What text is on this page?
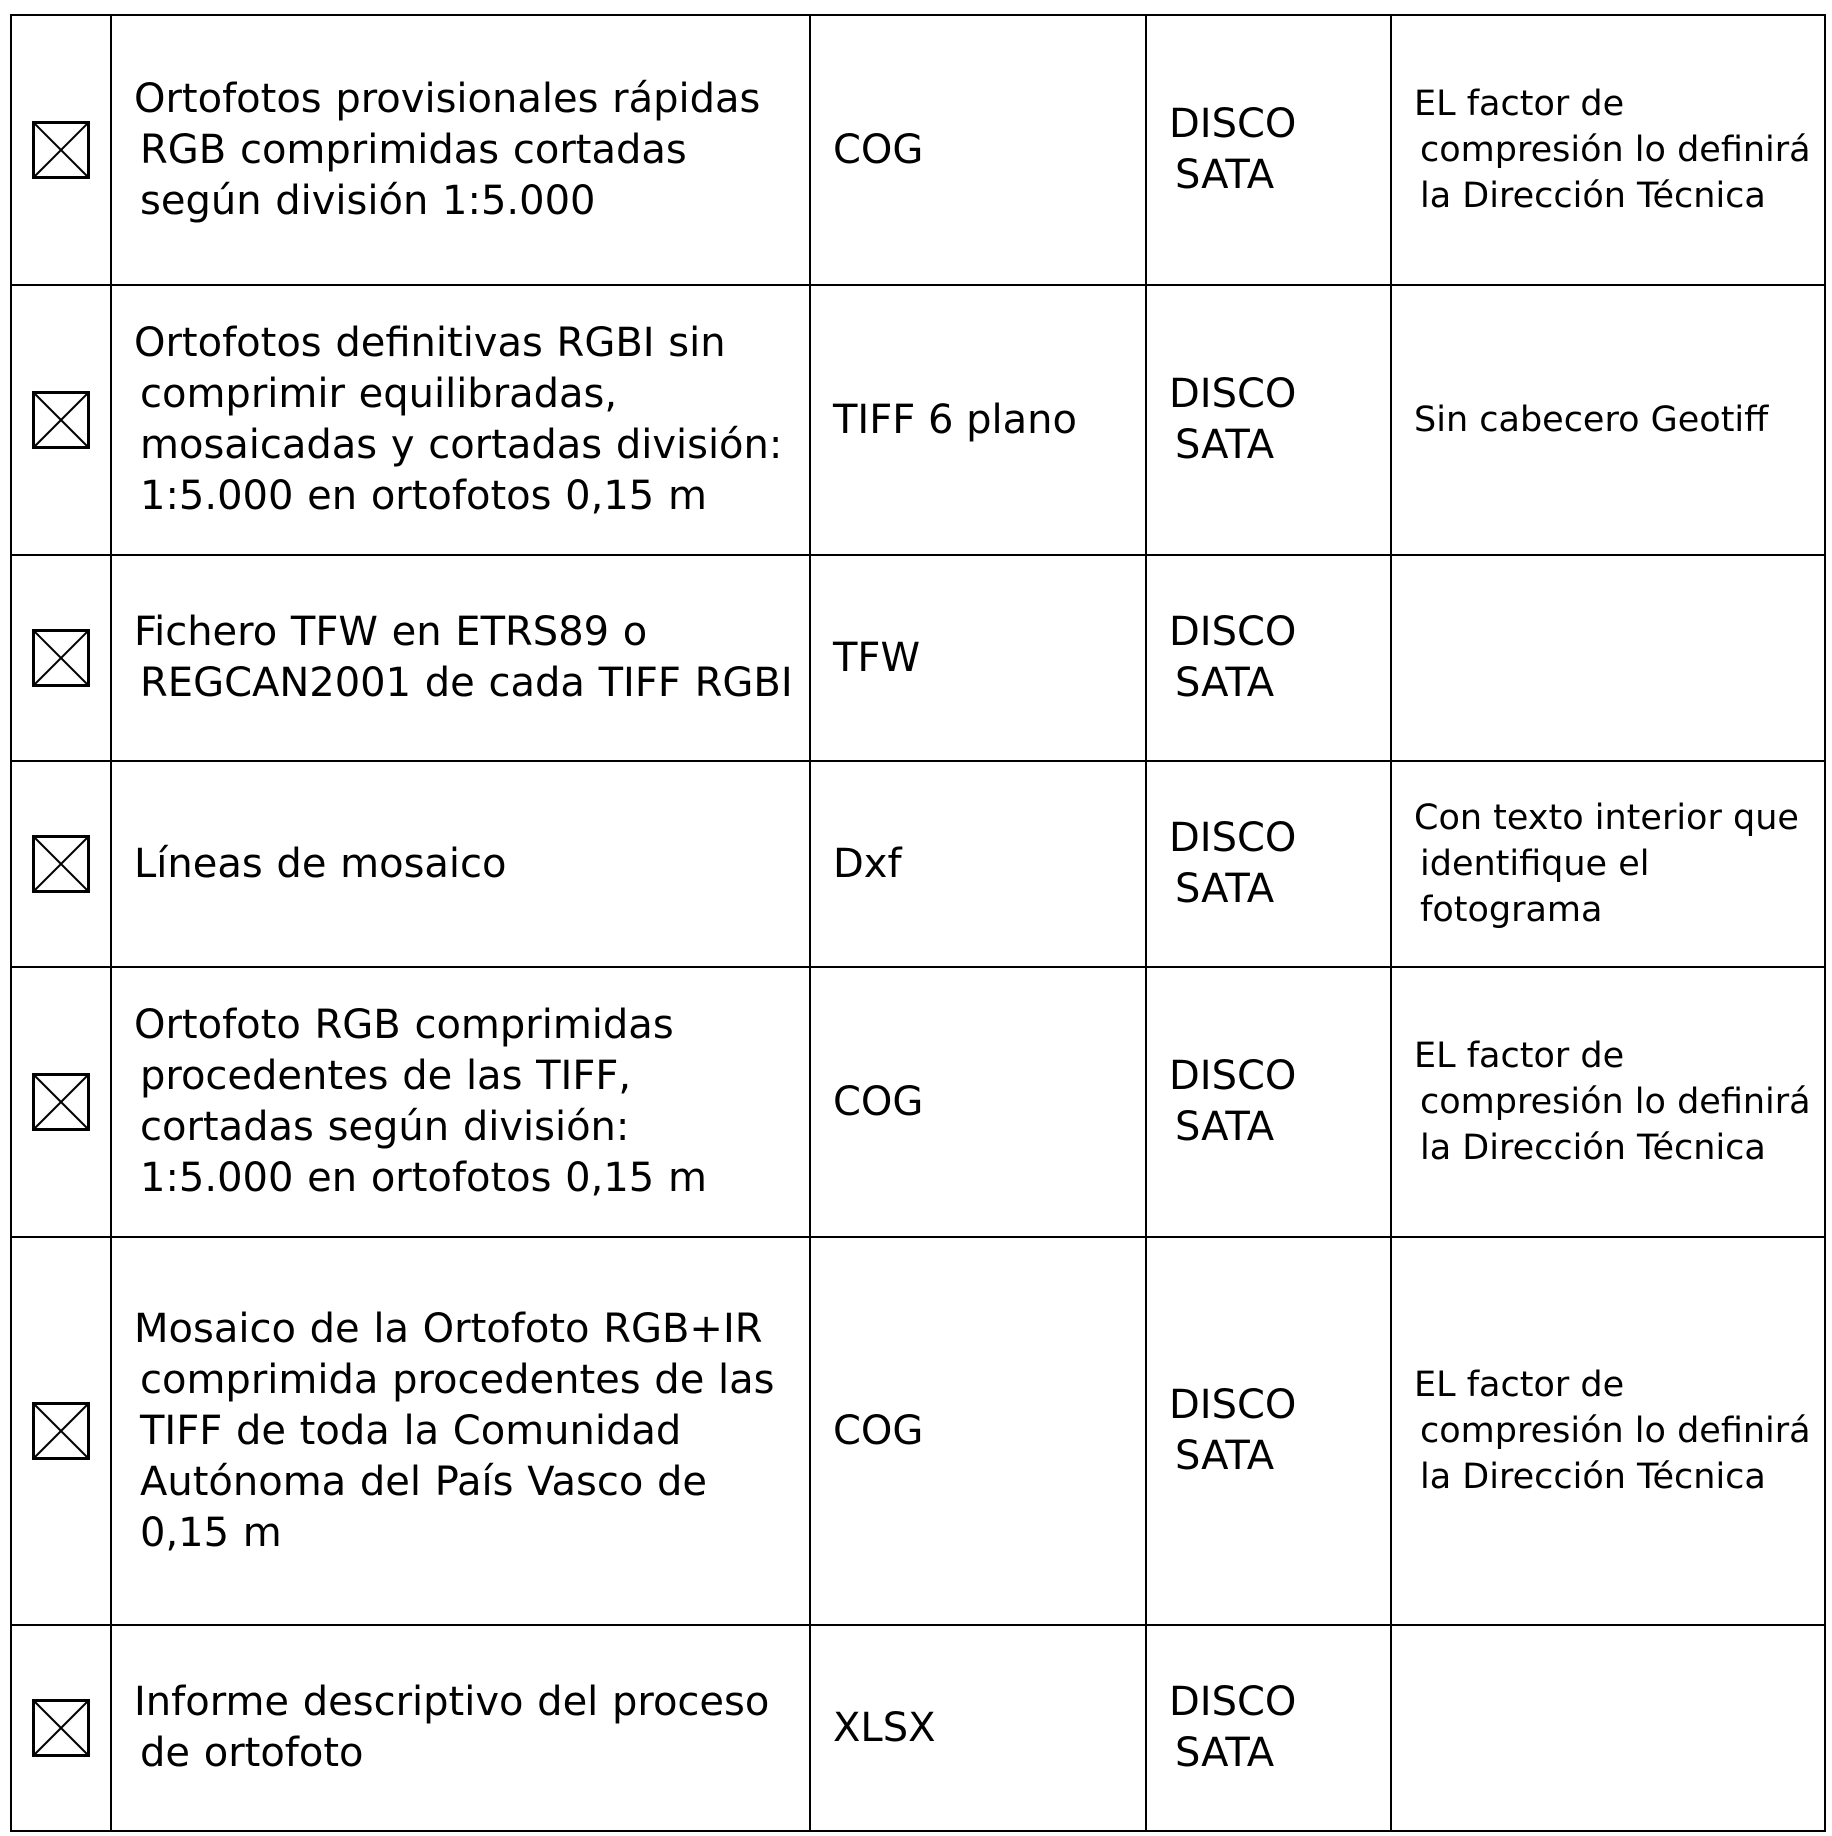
Ortofotos provisionales rápidas RGB comprimidas cortadas según división 1:5.000	COG	DISCO SATA	EL factor de compresión lo definirá la Dirección Técnica

Ortofotos definitivas RGBI sin comprimir equilibradas, mosaicadas y cortadas división: 1:5.000 en ortofotos 0,15 m	TIFF 6 plano	DISCO SATA	Sin cabecero Geotiff

Fichero TFW en ETRS89 o REGCAN2001 de cada TIFF RGBI	TFW	DISCO SATA	

Líneas de mosaico	Dxf	DISCO SATA	Con texto interior que identifique el fotograma

Ortofoto RGB comprimidas procedentes de las TIFF, cortadas según división: 1:5.000 en ortofotos 0,15 m	COG	DISCO SATA	EL factor de compresión lo definirá la Dirección Técnica

Mosaico de la Ortofoto RGB+IR comprimida procedentes de las TIFF de toda la Comunidad Autónoma del País Vasco de 0,15 m	COG	DISCO SATA	EL factor de compresión lo definirá la Dirección Técnica

Informe descriptivo del proceso de ortofoto	XLSX	DISCO SATA	
